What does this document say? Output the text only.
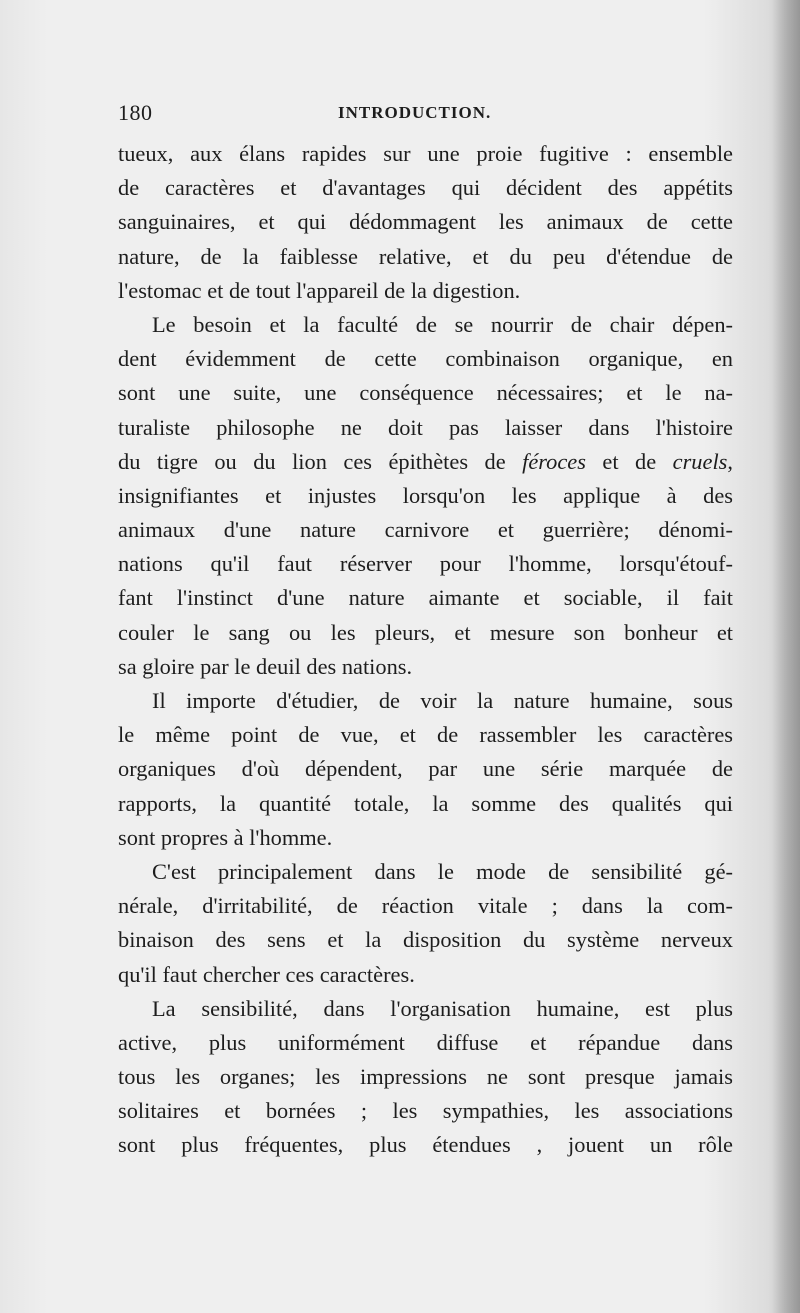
180	INTRODUCTION.
tueux, aux élans rapides sur une proie fugitive : ensemble
de caractères et d'avantages qui décident des appétits
sanguinaires, et qui dédommagent les animaux de cette
nature, de la faiblesse relative, et du peu d'étendue de
l'estomac et de tout l'appareil de la digestion.
Le besoin et la faculté de se nourrir de chair dépen-
dent évidemment de cette combinaison organique, en
sont une suite, une conséquence nécessaires; et le na-
turaliste philosophe ne doit pas laisser dans l'histoire
du tigre ou du lion ces épithètes de féroces et de cruels,
insignifiantes et injustes lorsqu'on les applique à des
animaux d'une nature carnivore et guerrière; dénomi-
nations qu'il faut réserver pour l'homme, lorsqu'étouf-
fant l'instinct d'une nature aimante et sociable, il fait
couler le sang ou les pleurs, et mesure son bonheur et
sa gloire par le deuil des nations.
Il importe d'étudier, de voir la nature humaine, sous
le même point de vue, et de rassembler les caractères
organiques d'où dépendent, par une série marquée de
rapports, la quantité totale, la somme des qualités qui
sont propres à l'homme.
C'est principalement dans le mode de sensibilité gé-
nérale, d'irritabilité, de réaction vitale ; dans la com-
binaison des sens et la disposition du système nerveux
qu'il faut chercher ces caractères.
La sensibilité, dans l'organisation humaine, est plus
active, plus uniformément diffuse et répandue dans
tous les organes; les impressions ne sont presque jamais
solitaires et bornées ; les sympathies, les associations
sont plus fréquentes, plus étendues , jouent un rôle
